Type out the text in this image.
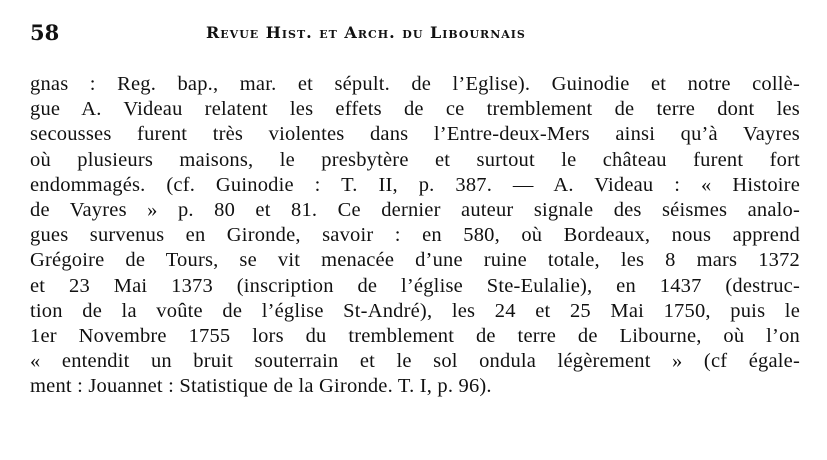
58	Revue Hist. et Arch. du Libournais
gnas : Reg. bap., mar. et sépult. de l’Eglise). Guinodie et notre collè-
gue A. Videau relatent les effets de ce tremblement de terre dont les
secousses furent très violentes dans l’Entre-deux-Mers ainsi qu’à Vayres
où plusieurs maisons, le presbytère et surtout le château furent fort
endommagés. (cf. Guinodie : T. II, p. 387. — A. Videau : « Histoire
de Vayres » p. 80 et 81. Ce dernier auteur signale des séismes analo-
gues survenus en Gironde, savoir : en 580, où Bordeaux, nous apprend
Grégoire de Tours, se vit menacée d’une ruine totale, les 8 mars 1372
et 23 Mai 1373 (inscription de l’église Ste-Eulalie), en 1437 (destruc-
tion de la voûte de l’église St-André), les 24 et 25 Mai 1750, puis le
1er Novembre 1755 lors du tremblement de terre de Libourne, où l’on
« entendit un bruit souterrain et le sol ondula légèrement » (cf égale-
ment : Jouannet : Statistique de la Gironde. T. I, p. 96).
